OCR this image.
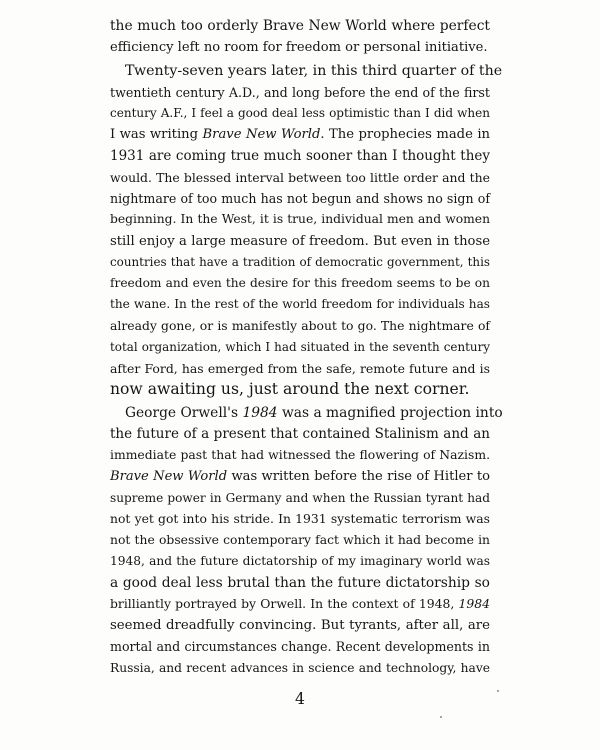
the much too orderly Brave New World where perfect
efficiency left no room for freedom or personal initiative.
Twenty-seven years later, in this third quarter of the
twentieth century A.D., and long before the end of the first
century A.F., I feel a good deal less optimistic than I did when
I was writing Brave New World. The prophecies made in
1931 are coming true much sooner than I thought they
would. The blessed interval between too little order and the
nightmare of too much has not begun and shows no sign of
beginning. In the West, it is true, individual men and women
still enjoy a large measure of freedom. But even in those
countries that have a tradition of democratic government, this
freedom and even the desire for this freedom seems to be on
the wane. In the rest of the world freedom for individuals has
already gone, or is manifestly about to go. The nightmare of
total organization, which I had situated in the seventh century
after Ford, has emerged from the safe, remote future and is
now awaiting us, just around the next corner.
George Orwell's 1984 was a magnified projection into
the future of a present that contained Stalinism and an
immediate past that had witnessed the flowering of Nazism.
Brave New World was written before the rise of Hitler to
supreme power in Germany and when the Russian tyrant had
not yet got into his stride. In 1931 systematic terrorism was
not the obsessive contemporary fact which it had become in
1948, and the future dictatorship of my imaginary world was
a good deal less brutal than the future dictatorship so
brilliantly portrayed by Orwell. In the context of 1948, 1984
seemed dreadfully convincing. But tyrants, after all, are
mortal and circumstances change. Recent developments in
Russia, and recent advances in science and technology, have
4
